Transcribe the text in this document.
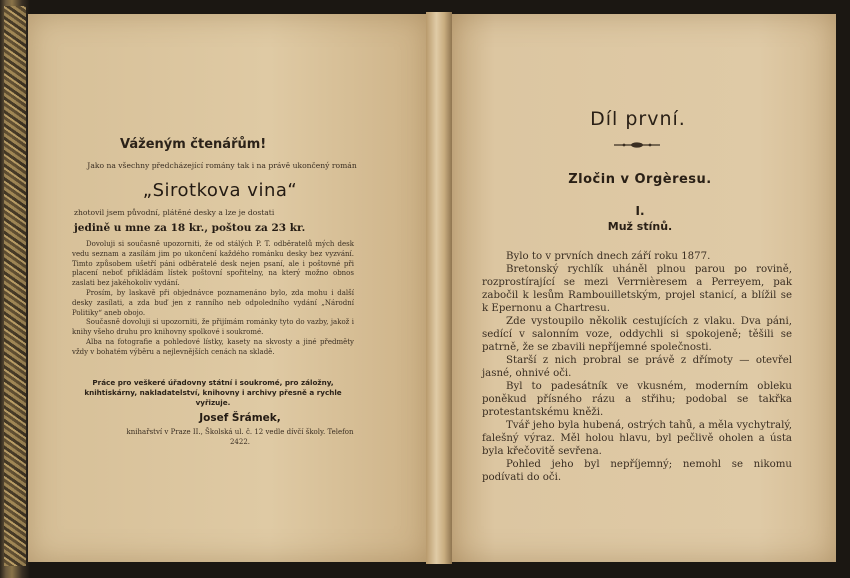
Váženým čtenářům!
Jako na všechny předcházející romány tak i na právě ukončený román
„Sirotkova vina“
zhotovil jsem původní, plátěné desky a lze je dostati
jedině u mne za 18 kr., poštou za 23 kr.

Dovoluji si současně upozorniti, že od stálých P. T. odběratelů mých desk vedu seznam a zasílám jim po ukončení každého románku desky bez vyzvání. Timto způsobem ušetří páni odběratelé desk nejen psaní, ale i poštovné při placení neboť přikládám lístek poštovní spořitelny, na který možno obnos zaslati bez jakéhokoliv vydání.

Prosím, by laskavě při objednávce poznamenáno bylo, zda mohu i další desky zasílati, a zda buď jen z ranního neb odpoledního vydání „Národní Politiky“ aneb obojo.

Současně dovoluji si upozorniti, že přijímám románky tyto do vazby, jakož i knihy všeho druhu pro knihovny spolkové i soukromé.

Alba na fotografie a pohledové lístky, kasety na skvosty a jiné předměty vždy v bohatém výběru a nejlevnějších cenách na skladě.

Práce pro veškeré úřadovny státní i soukromé, pro záložny, knihtiskárny, nakladatelství, knihovny i archivy přesně a rychle vyřizuje.
Josef Šrámek,
knihařství v Praze II., Školská ul. č. 12 vedle dívčí školy. Telefon 2422.
Díl první.
Zločin v Orgèresu.
I.
Muž stínů.

Bylo to v prvních dnech září roku 1877.

Bretonský rychlík uháněl plnou parou po rovině, rozprostírající se mezi Verrnièresem a Perreyem, pak zabočil k lesům Rambouilletským, projel stanicí, a blížil se k Epernonu a Chartresu.

Zde vystoupilo několik cestujících z vlaku. Dva páni, sedící v salonním voze, oddychli si spokojeně; těšili se patrně, že se zbavili nepříjemné společnosti.

Starší z nich probral se právě z dřímoty — otevřel jasné, ohnivé oči.

Byl to padesátník ve vkusném, moderním obleku poněkud přísného rázu a střihu; podobal se takřka protestantskému kněži.

Tvář jeho byla hubená, ostrých tahů, a měla vychytralý, falešný výraz. Měl holou hlavu, byl pečlivě oholen a ústa byla křečovitě sevřena.

Pohled jeho byl nepříjemný; nemohl se nikomu podívati do oči.
